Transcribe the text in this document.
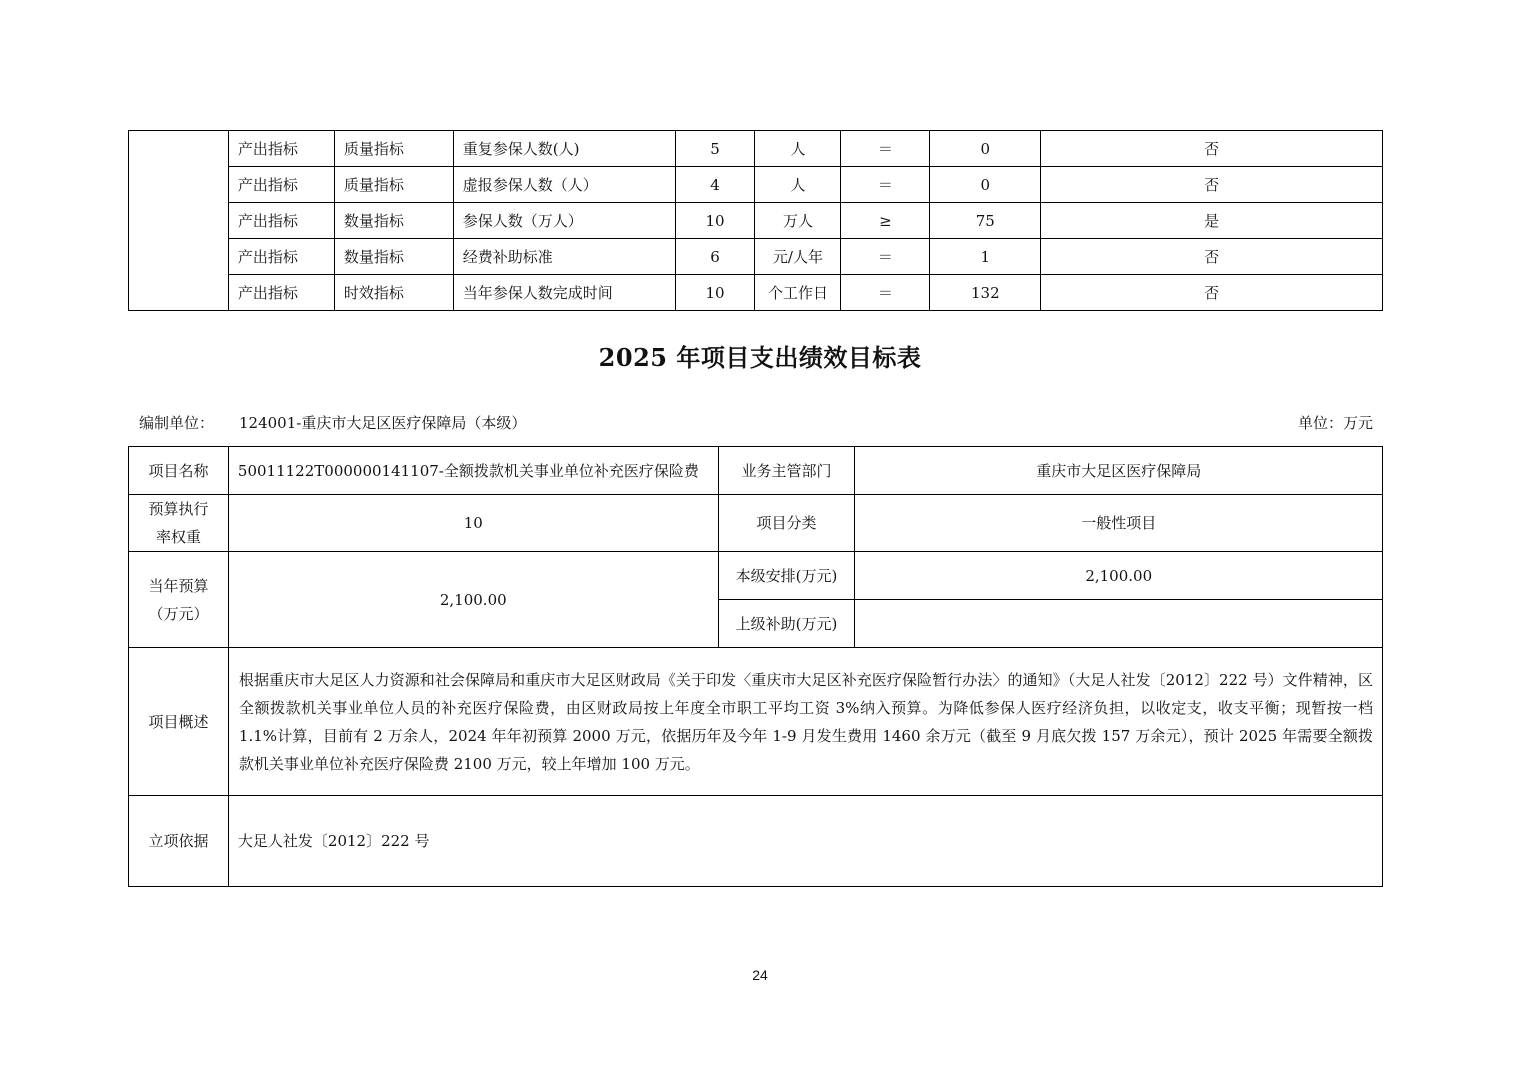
	产出指标	质量指标	重复参保人数(人)	5	人	＝	0	否
	产出指标	质量指标	虚报参保人数（人）	4	人	＝	0	否
	产出指标	数量指标	参保人数（万人）	10	万人	≥	75	是
	产出指标	数量指标	经费补助标准	6	元/人年	＝	1	否
	产出指标	时效指标	当年参保人数完成时间	10	个工作日	＝	132	否
2025 年项目支出绩效目标表
编制单位： 124001-重庆市大足区医疗保障局（本级）	单位：万元
项目名称	50011122T000000141107-全额拨款机关事业单位补充医疗保险费	业务主管部门	重庆市大足区医疗保障局
预算执行
率权重	10	项目分类	一般性项目
当年预算
（万元）	2,100.00	本级安排(万元)	2,100.00
		上级补助(万元)	
项目概述	根据重庆市大足区人力资源和社会保障局和重庆市大足区财政局《关于印发〈重庆市大足区补充医疗保险暂行办法〉的通知》（大足人社发〔2012〕222 号）文件精神，区全额拨款机关事业单位人员的补充医疗保险费，由区财政局按上年度全市职工平均工资 3%纳入预算。为降低参保人医疗经济负担，以收定支，收支平衡；现暂按一档 1.1%计算，目前有 2 万余人，2024 年年初预算 2000 万元，依据历年及今年 1-9 月发生费用 1460 余万元（截至 9 月底欠拨 157 万余元），预计 2025 年需要全额拨款机关事业单位补充医疗保险费 2100 万元，较上年增加 100 万元。		
立项依据	大足人社发〔2012〕222 号		
24
